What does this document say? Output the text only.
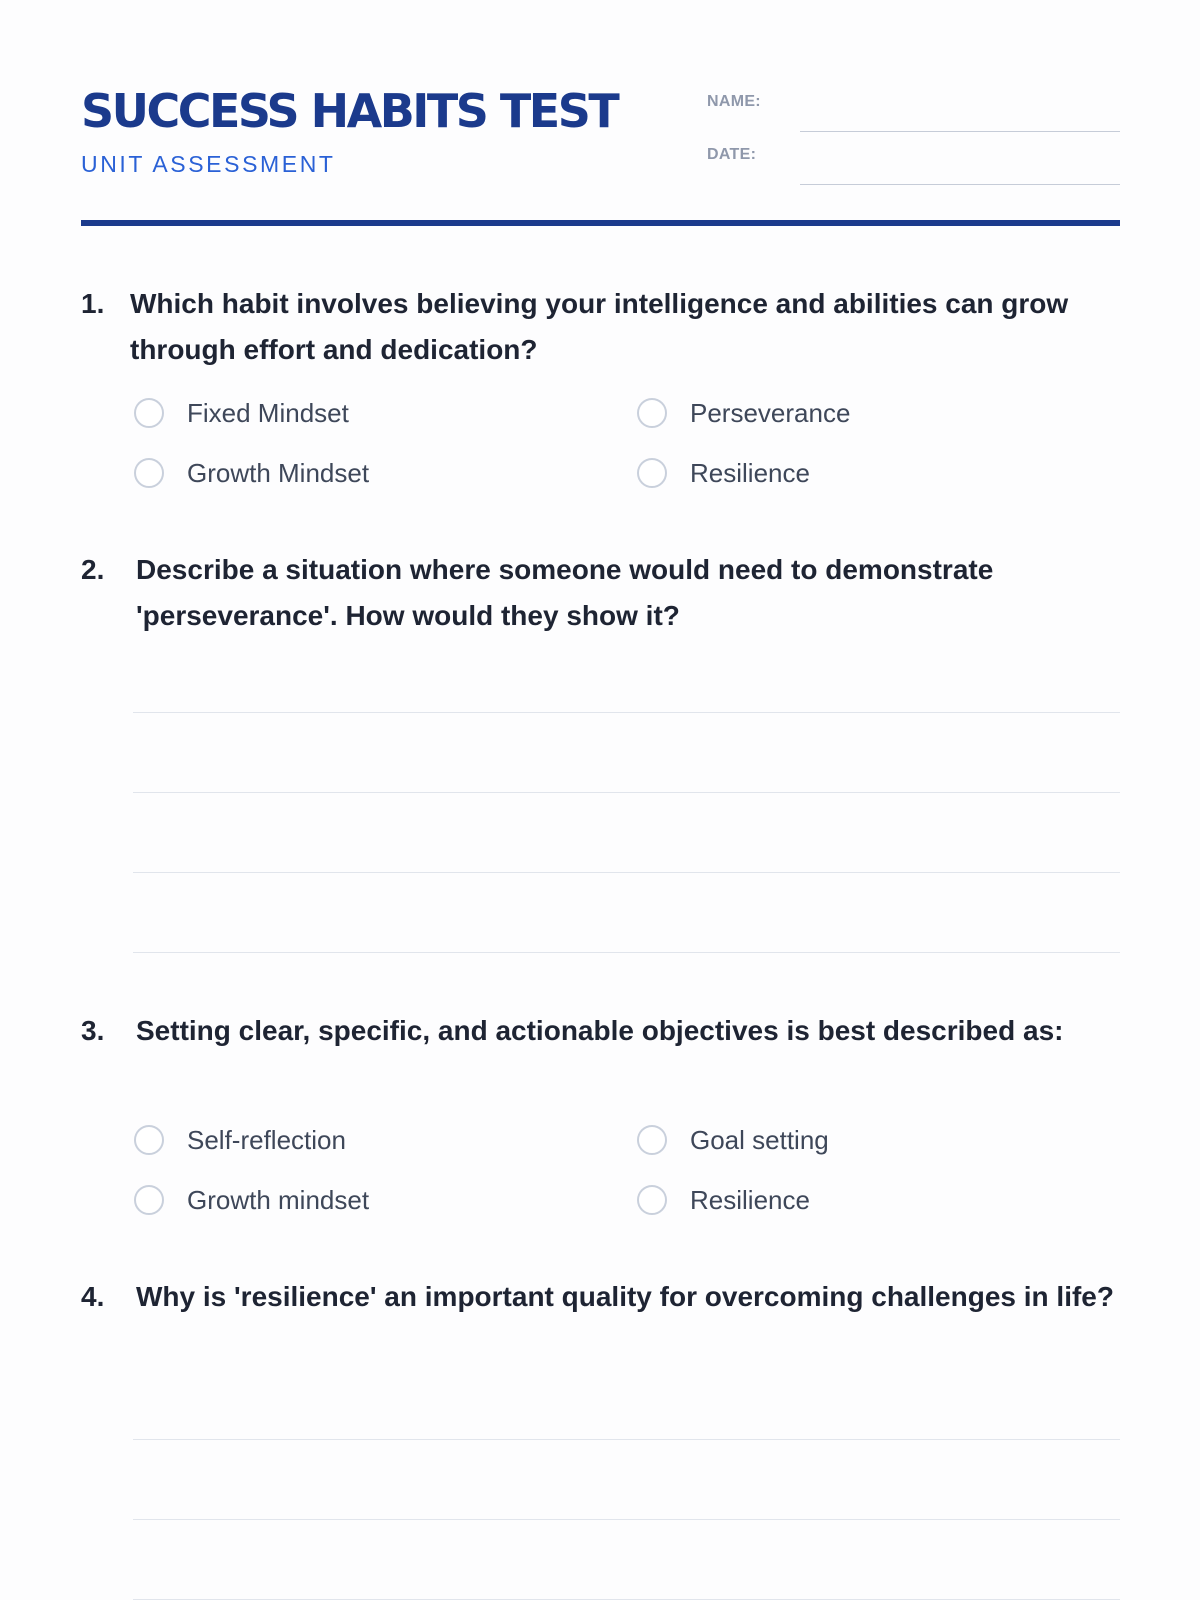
SUCCESS HABITS TEST
UNIT ASSESSMENT
NAME:
DATE:
1. Which habit involves believing your intelligence and abilities can grow through effort and dedication?

Fixed Mindset	Perseverance
Growth Mindset	Resilience
2. Describe a situation where someone would need to demonstrate 'perseverance'. How would they show it?

3. Setting clear, specific, and actionable objectives is best described as:

Self-reflection	Goal setting
Growth mindset	Resilience
4. Why is 'resilience' an important quality for overcoming challenges in life?
